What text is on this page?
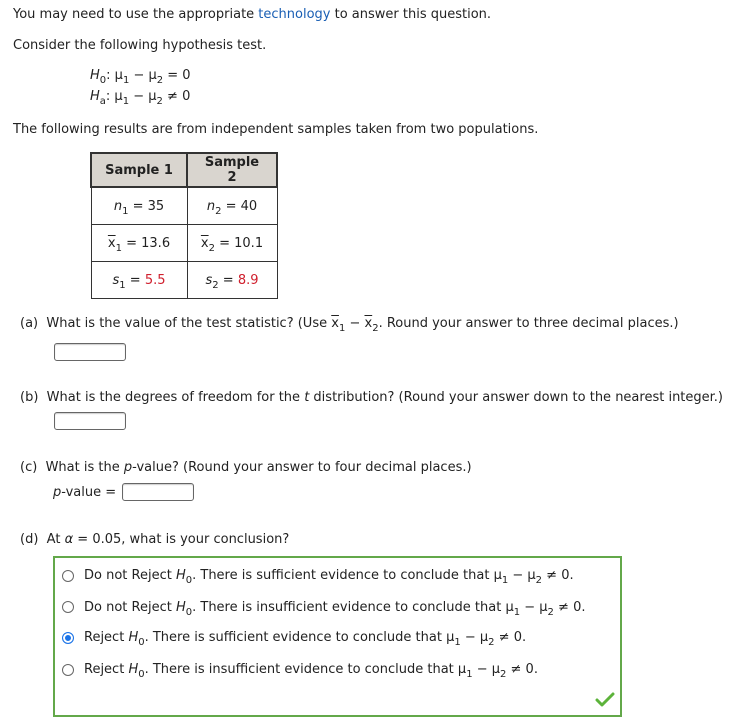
You may need to use the appropriate technology to answer this question.
Consider the following hypothesis test.
$H_0$: $\mu_1 - \mu_2 = 0$
$H_a$: $\mu_1 - \mu_2 \ne 0$
The following results are from independent samples taken from two populations.
Sample 1	Sample 2
$n_1 = 35$	$n_2 = 40$
$\overline{x}_1 = 13.6$	$\overline{x}_2 = 10.1$
$s_1 = 5.5$	$s_2 = 8.9$
(a) What is the value of the test statistic? (Use $\overline{x}_1 - \overline{x}_2$. Round your answer to three decimal places.)
(b) What is the degrees of freedom for the t distribution? (Round your answer down to the nearest integer.)
(c) What is the p-value? (Round your answer to four decimal places.)
p-value =
(d) At α = 0.05, what is your conclusion?
Do not Reject $H_0$. There is sufficient evidence to conclude that $\mu_1 - \mu_2 \ne 0$.
Do not Reject $H_0$. There is insufficient evidence to conclude that $\mu_1 - \mu_2 \ne 0$.
Reject $H_0$. There is sufficient evidence to conclude that $\mu_1 - \mu_2 \ne 0$.
Reject $H_0$. There is insufficient evidence to conclude that $\mu_1 - \mu_2 \ne 0$.
